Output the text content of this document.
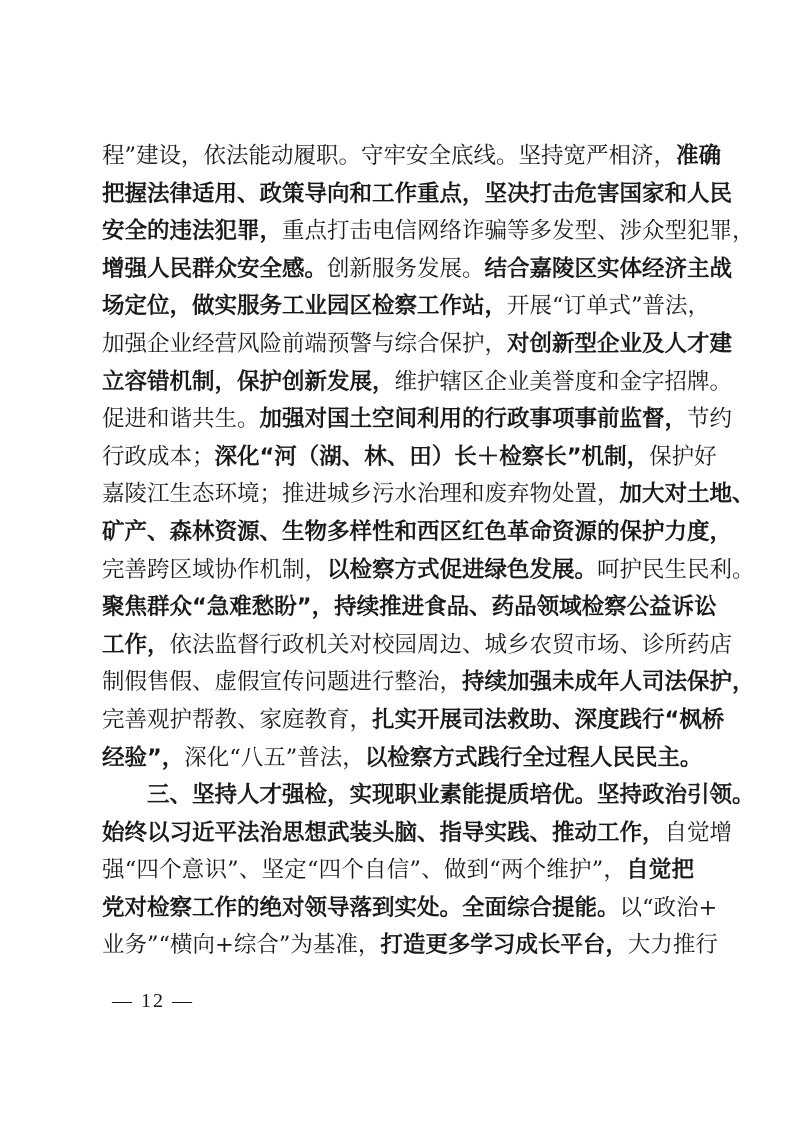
程”建设，依法能动履职。守牢安全底线。坚持宽严相济，准确
把握法律适用、政策导向和工作重点，坚决打击危害国家和人民
安全的违法犯罪，重点打击电信网络诈骗等多发型、涉众型犯罪，
增强人民群众安全感。创新服务发展。结合嘉陵区实体经济主战
场定位，做实服务工业园区检察工作站，开展“订单式”普法，
加强企业经营风险前端预警与综合保护，对创新型企业及人才建
立容错机制，保护创新发展，维护辖区企业美誉度和金字招牌。
促进和谐共生。加强对国土空间利用的行政事项事前监督，节约
行政成本；深化“河（湖、林、田）长＋检察长”机制，保护好
嘉陵江生态环境；推进城乡污水治理和废弃物处置，加大对土地、
矿产、森林资源、生物多样性和西区红色革命资源的保护力度，
完善跨区域协作机制，以检察方式促进绿色发展。呵护民生民利。
聚焦群众“急难愁盼”，持续推进食品、药品领域检察公益诉讼
工作，依法监督行政机关对校园周边、城乡农贸市场、诊所药店
制假售假、虚假宣传问题进行整治，持续加强未成年人司法保护，
完善观护帮教、家庭教育，扎实开展司法救助、深度践行“枫桥
经验”，深化“八五”普法，以检察方式践行全过程人民民主。
三、坚持人才强检，实现职业素能提质培优。坚持政治引领。
始终以习近平法治思想武装头脑、指导实践、推动工作，自觉增
强“四个意识”、坚定“四个自信”、做到“两个维护”，自觉把
党对检察工作的绝对领导落到实处。全面综合提能。以“政治+
业务”“横向+综合”为基准，打造更多学习成长平台，大力推行
— 12 —
